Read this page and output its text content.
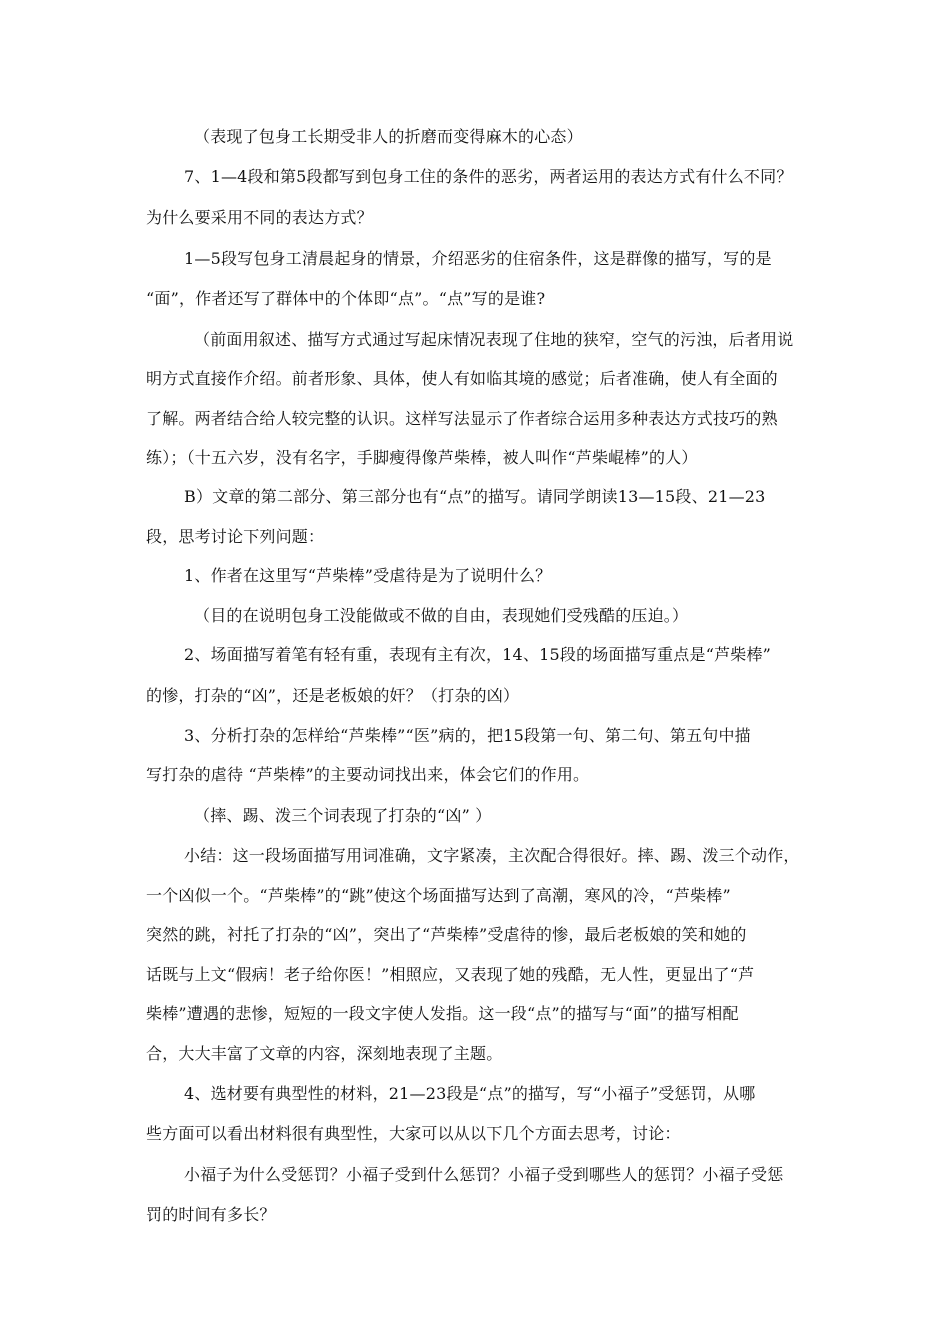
（表现了包身工长期受非人的折磨而变得麻木的心态）
7、1—4段和第5段都写到包身工住的条件的恶劣，两者运用的表达方式有什么不同？
为什么要采用不同的表达方式？
1—5段写包身工清晨起身的情景，介绍恶劣的住宿条件，这是群像的描写，写的是
“面”，作者还写了群体中的个体即“点”。“点”写的是谁?
（前面用叙述、描写方式通过写起床情况表现了住地的狭窄，空气的污浊，后者用说
明方式直接作介绍。前者形象、具体，使人有如临其境的感觉；后者准确，使人有全面的
了解。两者结合给人较完整的认识。这样写法显示了作者综合运用多种表达方式技巧的熟
练）；（十五六岁，没有名字，手脚瘦得像芦柴棒，被人叫作“芦柴崐棒”的人）
B）文章的第二部分、第三部分也有“点”的描写。请同学朗读13—15段、21—23
段，思考讨论下列问题：
1、作者在这里写“芦柴棒”受虐待是为了说明什么？
（目的在说明包身工没能做或不做的自由，表现她们受残酷的压迫。）
2、场面描写着笔有轻有重，表现有主有次，14、15段的场面描写重点是“芦柴棒”
的惨，打杂的“凶”，还是老板娘的奸？（打杂的凶）
3、分析打杂的怎样给“芦柴棒”“医”病的，把15段第一句、第二句、第五句中描
写打杂的虐待 “芦柴棒”的主要动词找出来，体会它们的作用。
（摔、踢、泼三个词表现了打杂的“凶” ）
小结：这一段场面描写用词准确，文字紧凑，主次配合得很好。摔、踢、泼三个动作，
一个凶似一个。“芦柴棒”的“跳”使这个场面描写达到了高潮，寒风的冷，“芦柴棒”
突然的跳，衬托了打杂的“凶”，突出了“芦柴棒”受虐待的惨，最后老板娘的笑和她的
话既与上文“假病！老子给你医！”相照应，又表现了她的残酷，无人性，更显出了“芦
柴棒”遭遇的悲惨，短短的一段文字使人发指。这一段“点”的描写与“面”的描写相配
合，大大丰富了文章的内容，深刻地表现了主题。
4、选材要有典型性的材料，21—23段是“点”的描写，写“小福子”受惩罚，从哪
些方面可以看出材料很有典型性，大家可以从以下几个方面去思考，讨论：
小福子为什么受惩罚？小福子受到什么惩罚？小福子受到哪些人的惩罚？小福子受惩
罚的时间有多长？
